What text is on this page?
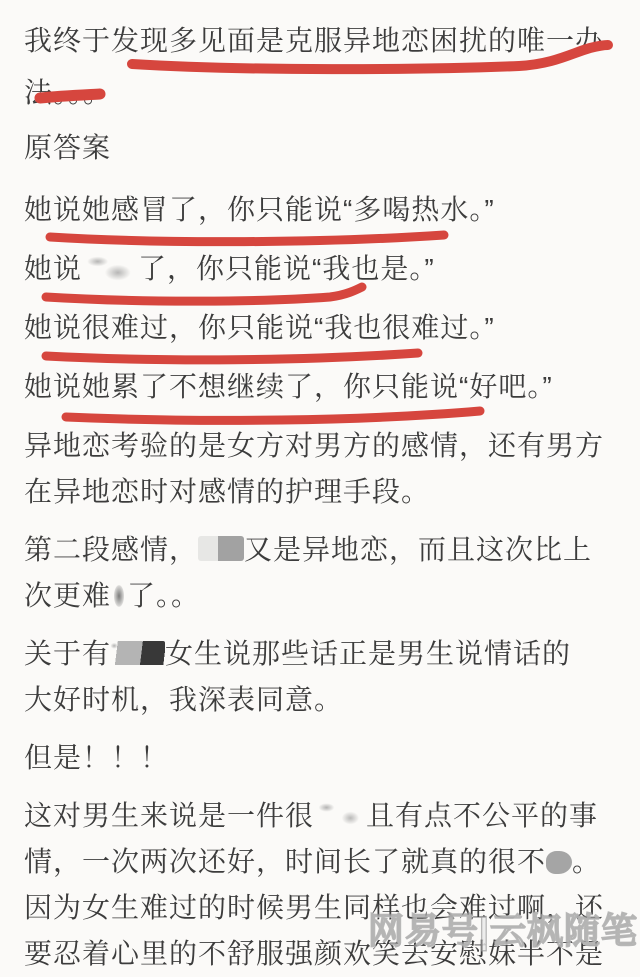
我终于发现多见面是克服异地恋困扰的唯一办
法。。。

原答案

她说她感冒了，你只能说“多喝热水。”

她说 了，你只能说“我也是。”

她说很难过，你只能说“我也很难过。”

她说她累了不想继续了，你只能说“好吧。”

异地恋考验的是女方对男方的感情，还有男方
在异地恋时对感情的护理手段。

第二段感情， 又是异地恋，而且这次比上
次更难 了。。

关于有 女生说那些话正是男生说情话的
大好时机，我深表同意。

但是！！！

这对男生来说是一件很 且有点不公平的事
情，一次两次还好，时间长了就真的很不 。
因为女生难过的时候男生同样也会难过啊，还
要忍着心里的不舒服强颜欢笑去安慰妹半不是

网易号|云枫随笔
